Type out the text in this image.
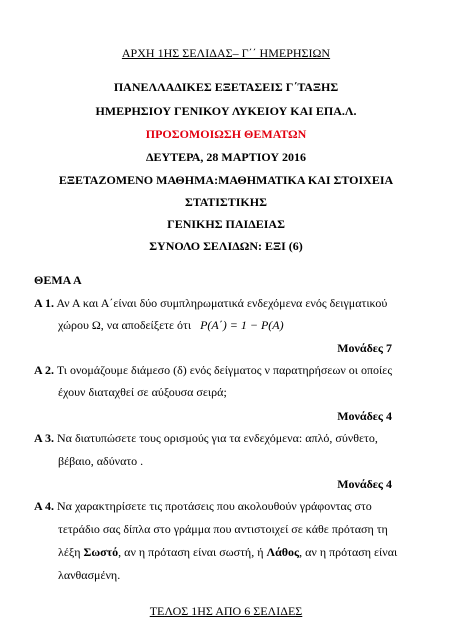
ΑΡΧΗ 1ΗΣ ΣΕΛΙΔΑΣ– Γ΄΄ ΗΜΕΡΗΣΙΩΝ
ΠΑΝΕΛΛΑΔΙΚΕΣ ΕΞΕΤΑΣΕΙΣ Γ΄ΤΑΞΗΣ
ΗΜΕΡΗΣΙΟΥ ΓΕΝΙΚΟΥ ΛΥΚΕΙΟΥ ΚΑΙ ΕΠΑ.Λ.
ΠΡΟΣΟΜΟΙΩΣΗ ΘΕΜΑΤΩΝ
ΔΕΥΤΕΡΑ, 28 ΜΑΡΤΙΟΥ 2016
ΕΞΕΤΑΖΟΜΕΝΟ ΜΑΘΗΜΑ:ΜΑΘΗΜΑΤΙΚΑ ΚΑΙ ΣΤΟΙΧΕΙΑ
ΣΤΑΤΙΣΤΙΚΗΣ
ΓΕΝΙΚΗΣ ΠΑΙΔΕΙΑΣ
ΣΥΝΟΛΟ ΣΕΛΙΔΩΝ: ΕΞΙ (6)
ΘΕΜΑ Α
Α 1. Αν Α και Α΄είναι δύο συμπληρωματικά ενδεχόμενα ενός δειγματικού
χώρου Ω, να αποδείξετε ότι P(A΄) = 1 − P(A)
Μονάδες 7
Α 2. Τι ονομάζουμε διάμεσο (δ) ενός δείγματος ν παρατηρήσεων οι οποίες
έχουν διαταχθεί σε αύξουσα σειρά;
Μονάδες 4
Α 3. Να διατυπώσετε τους ορισμούς για τα ενδεχόμενα: απλό, σύνθετο,
βέβαιο, αδύνατο .
Μονάδες 4
Α 4. Να χαρακτηρίσετε τις προτάσεις που ακολουθούν γράφοντας στο
τετράδιο σας δίπλα στο γράμμα που αντιστοιχεί σε κάθε πρόταση τη
λέξη Σωστό, αν η πρόταση είναι σωστή, ή Λάθος, αν η πρόταση είναι
λανθασμένη.
ΤΕΛΟΣ 1ΗΣ ΑΠΟ 6 ΣΕΛΙΔΕΣ
